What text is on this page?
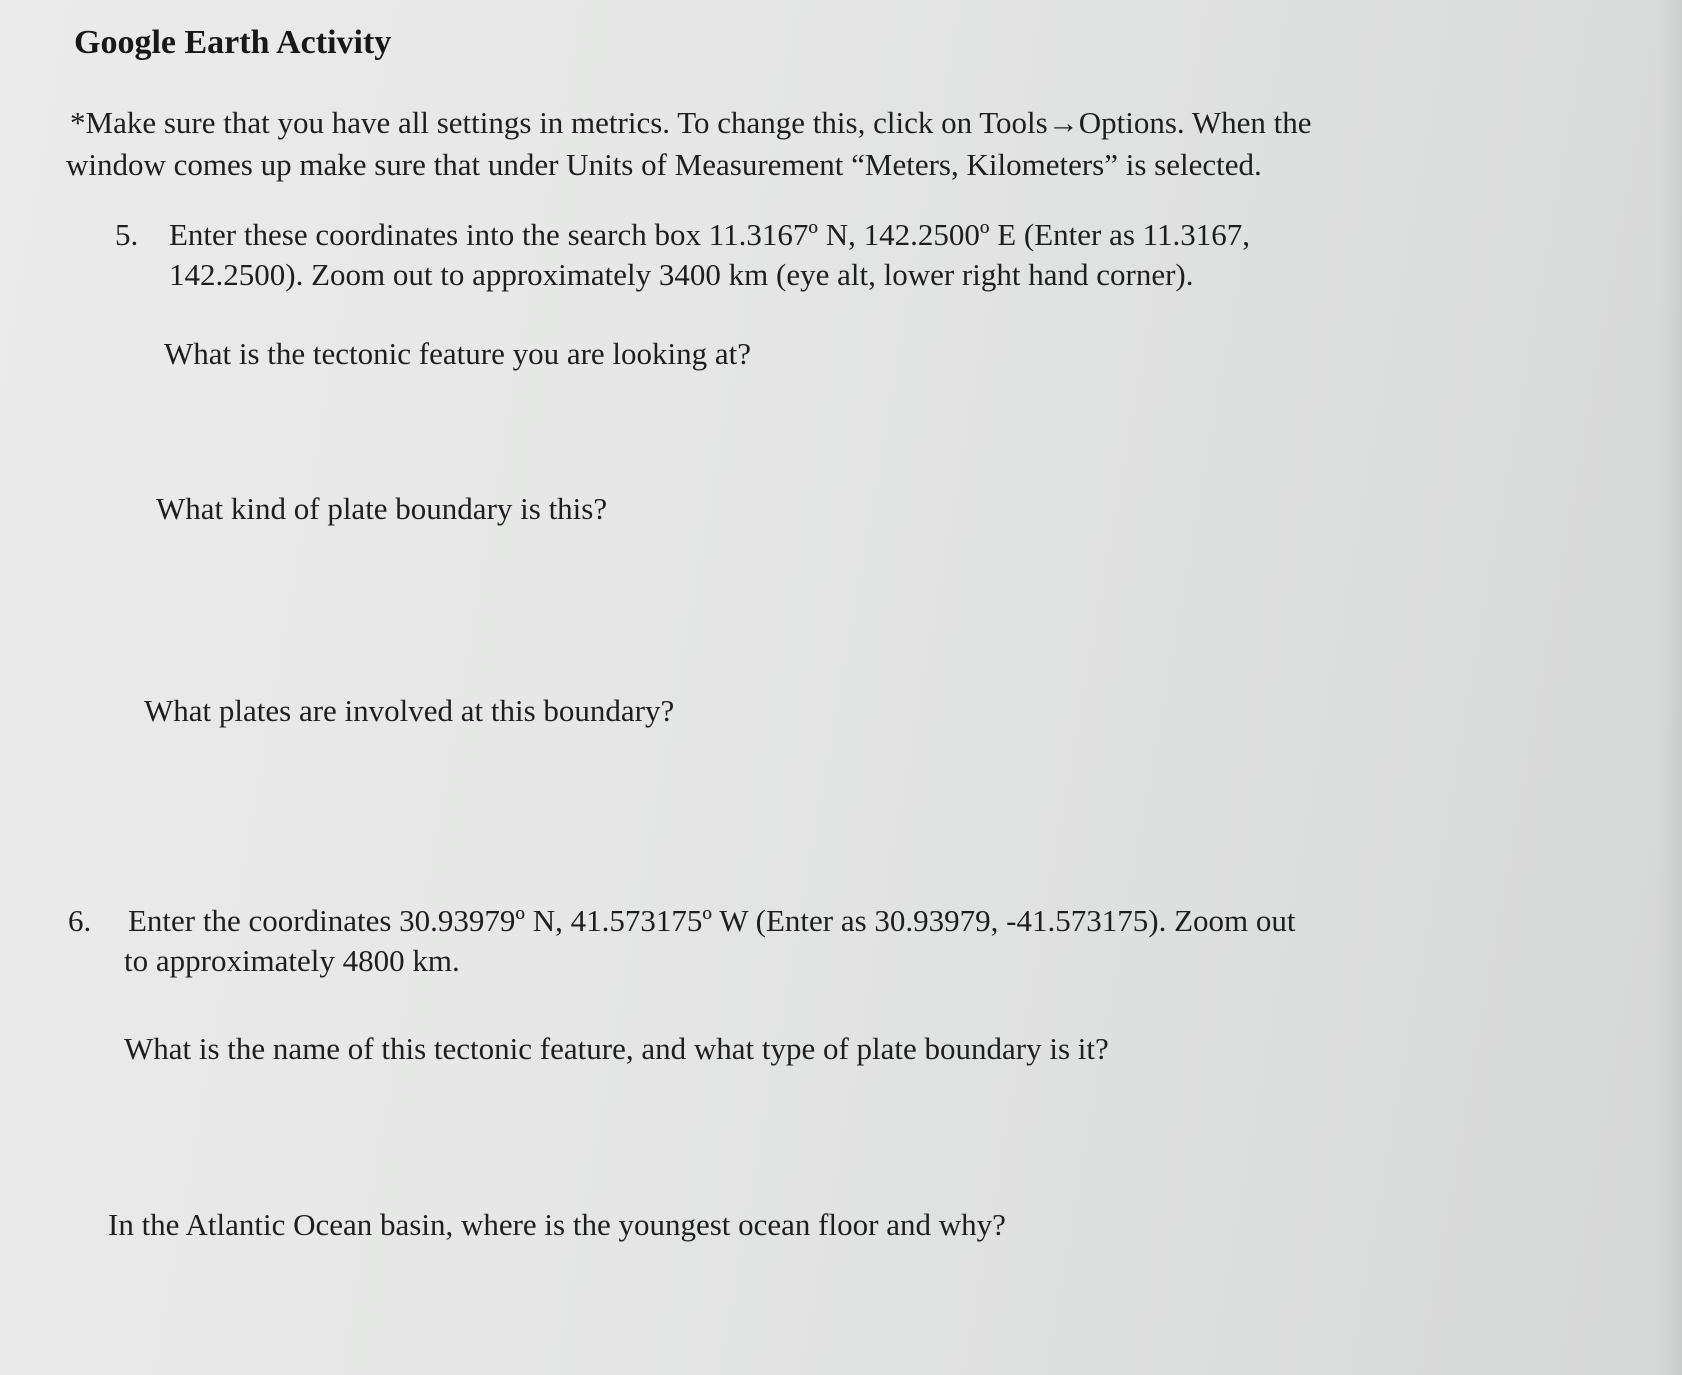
Google Earth Activity
*Make sure that you have all settings in metrics. To change this, click on Tools→Options. When the
window comes up make sure that under Units of Measurement “Meters, Kilometers” is selected.
5. Enter these coordinates into the search box 11.3167º N, 142.2500º E (Enter as 11.3167,
142.2500). Zoom out to approximately 3400 km (eye alt, lower right hand corner).
What is the tectonic feature you are looking at?
What kind of plate boundary is this?
What plates are involved at this boundary?
6. Enter the coordinates 30.93979º N, 41.573175º W (Enter as 30.93979, -41.573175). Zoom out
to approximately 4800 km.
What is the name of this tectonic feature, and what type of plate boundary is it?
In the Atlantic Ocean basin, where is the youngest ocean floor and why?
